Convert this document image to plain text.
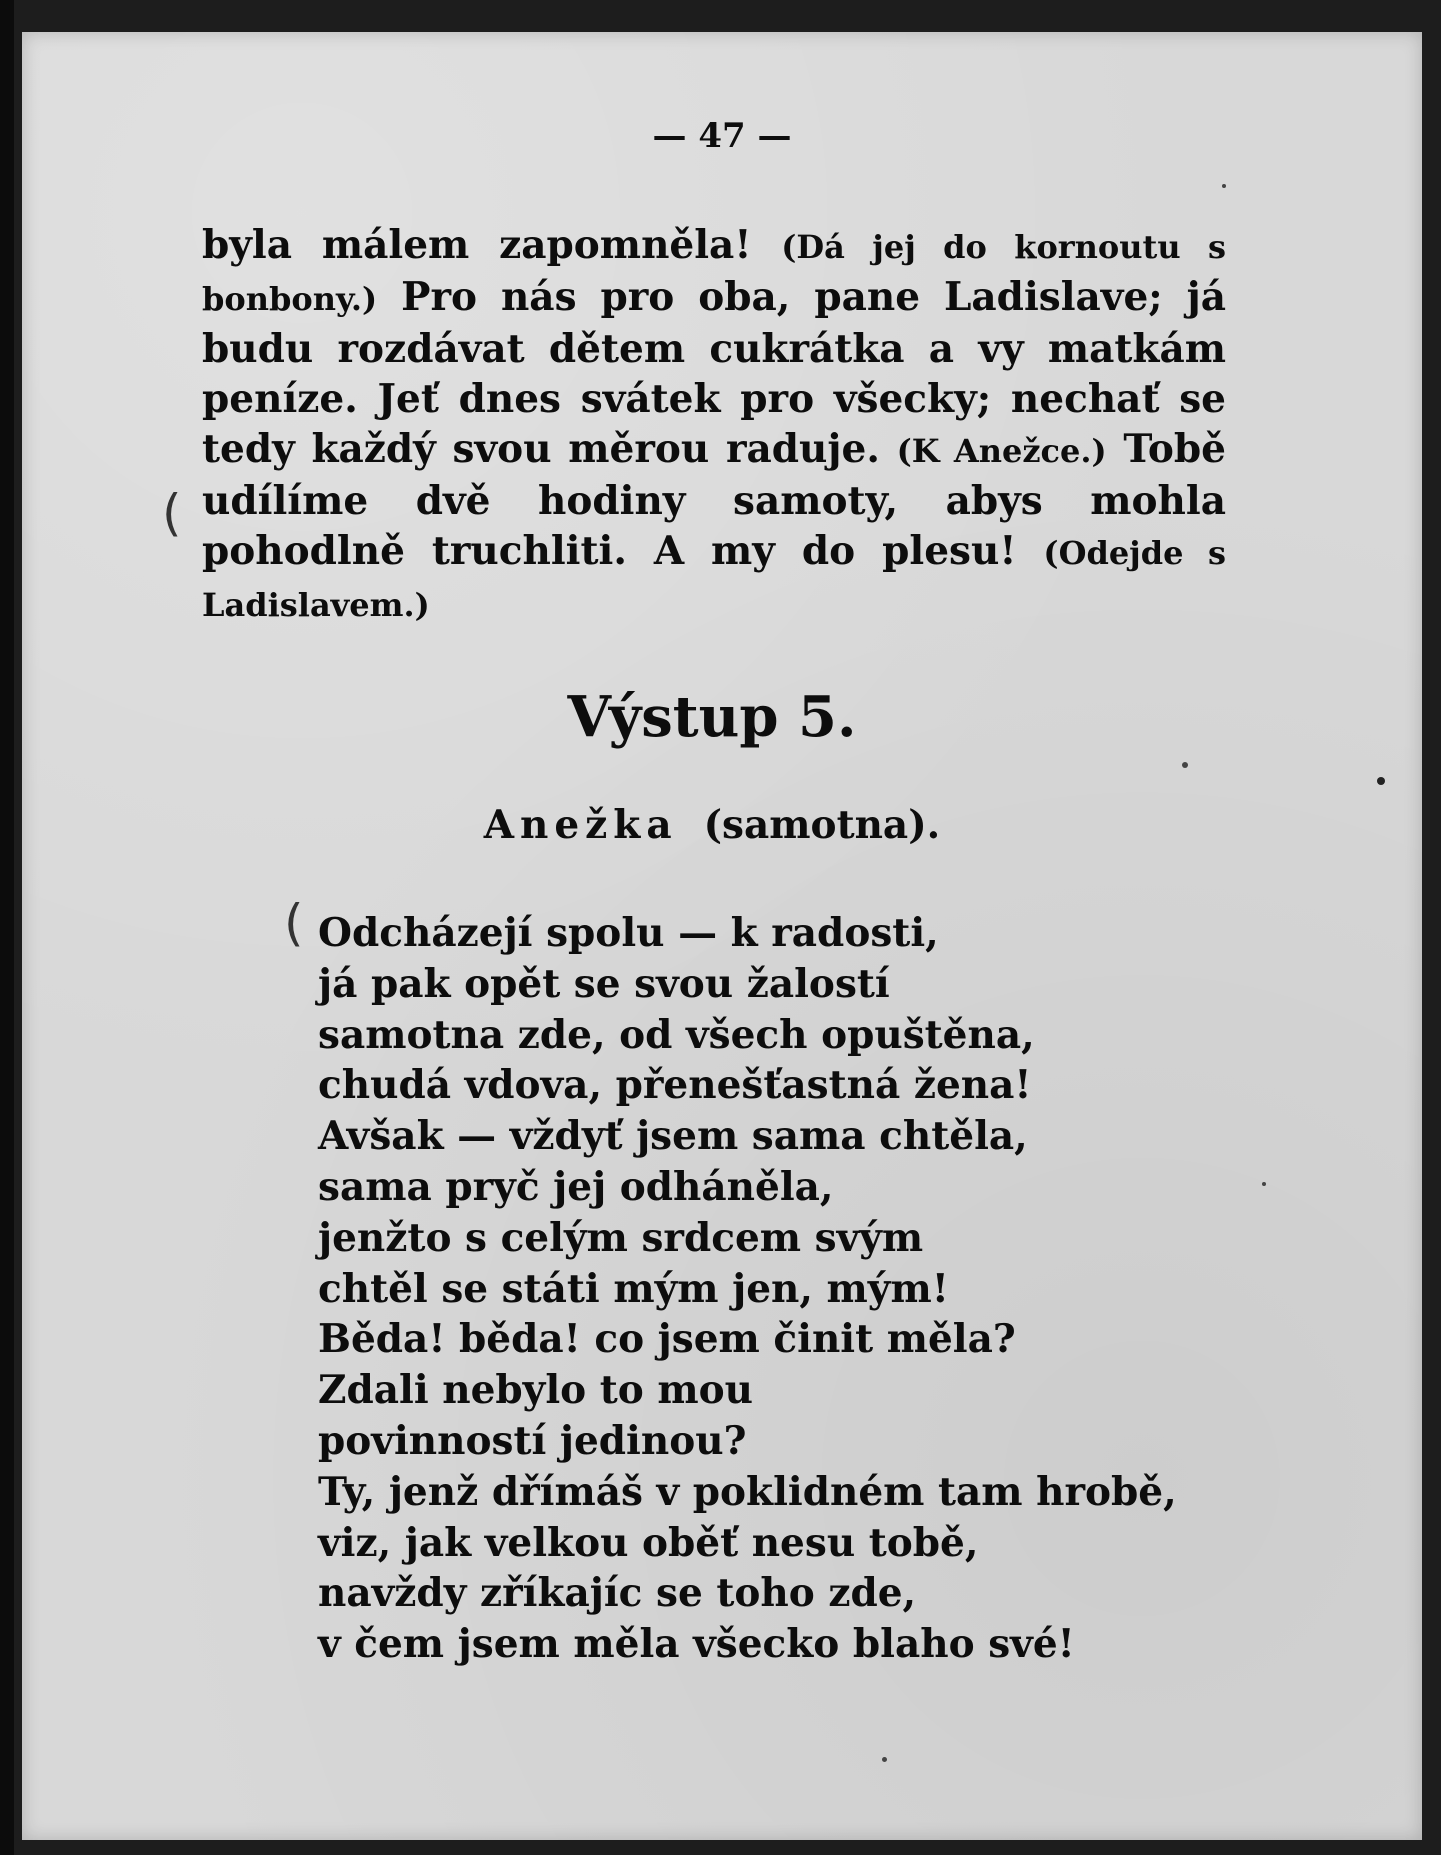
— 47 —

byla málem zapomněla! (Dá jej do kornoutu s bonbony.) Pro nás pro oba, pane Ladislave; já budu rozdávat dětem cukrátka a vy matkám peníze. Jeť dnes svátek pro všecky; nechať se tedy každý svou měrou raduje. (K Anežce.) Tobě udílíme dvě hodiny samoty, abys mohla pohodlně truchliti. A my do plesu! (Odejde s Ladislavem.)

Výstup 5.
Anežka (samotna).
Odcházejí spolu — k radosti,
já pak opět se svou žalostí
samotna zde, od všech opuštěna,
chudá vdova, přenešťastná žena!
Avšak — vždyť jsem sama chtěla,
sama pryč jej odháněla,
jenžto s celým srdcem svým
chtěl se státi mým jen, mým!
Běda! běda! co jsem činit měla?
Zdali nebylo to mou
povinností jedinou?
Ty, jenž dřímáš v poklidném tam hrobě,
viz, jak velkou oběť nesu tobě,
navždy zříkajíc se toho zde,
v čem jsem měla všecko blaho své!
(
(
